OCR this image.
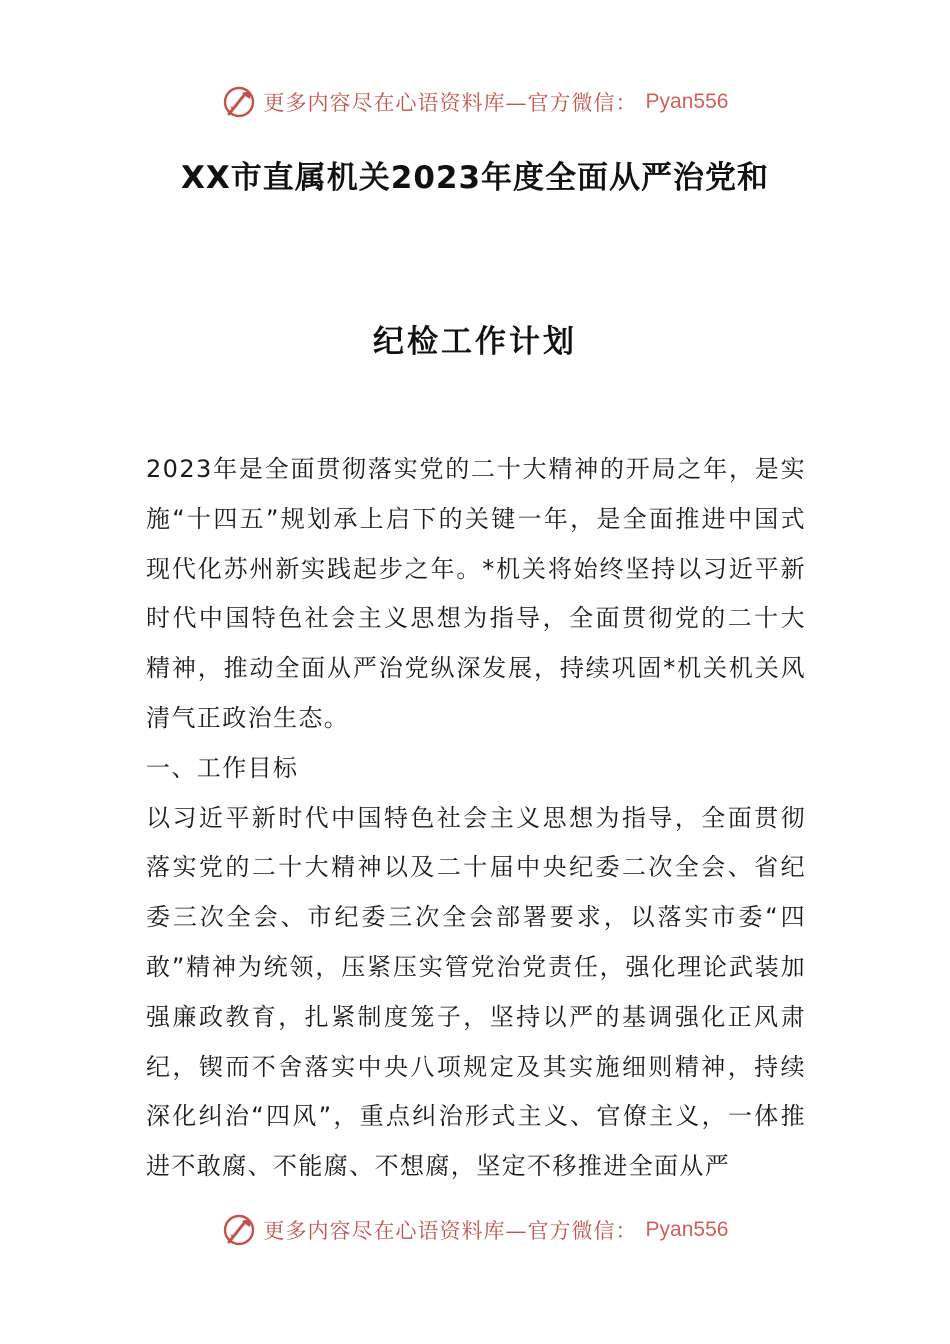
更多内容尽在心语资料库—官方微信： Pyan556
XX市直属机关2023年度全面从严治党和
纪检工作计划

2023年是全面贯彻落实党的二十大精神的开局之年，是实施“十四五”规划承上启下的关键一年，是全面推进中国式现代化苏州新实践起步之年。*机关将始终坚持以习近平新时代中国特色社会主义思想为指导，全面贯彻党的二十大精神，推动全面从严治党纵深发展，持续巩固*机关机关风清气正政治生态。

一、工作目标

以习近平新时代中国特色社会主义思想为指导，全面贯彻落实党的二十大精神以及二十届中央纪委二次全会、省纪委三次全会、市纪委三次全会部署要求，以落实市委“四敢”精神为统领，压紧压实管党治党责任，强化理论武装加强廉政教育，扎紧制度笼子，坚持以严的基调强化正风肃纪，锲而不舍落实中央八项规定及其实施细则精神，持续深化纠治“四风”，重点纠治形式主义、官僚主义，一体推进不敢腐、不能腐、不想腐，坚定不移推进全面从严

更多内容尽在心语资料库—官方微信： Pyan556
